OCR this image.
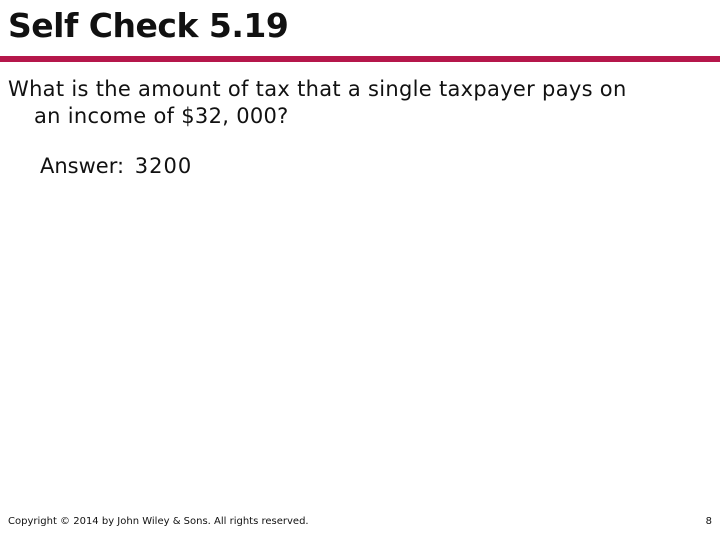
Self Check 5.19
What is the amount of tax that a single taxpayer pays on
an income of $32, 000?
Answer: 3200
Copyright © 2014 by John Wiley & Sons. All rights reserved.	8
